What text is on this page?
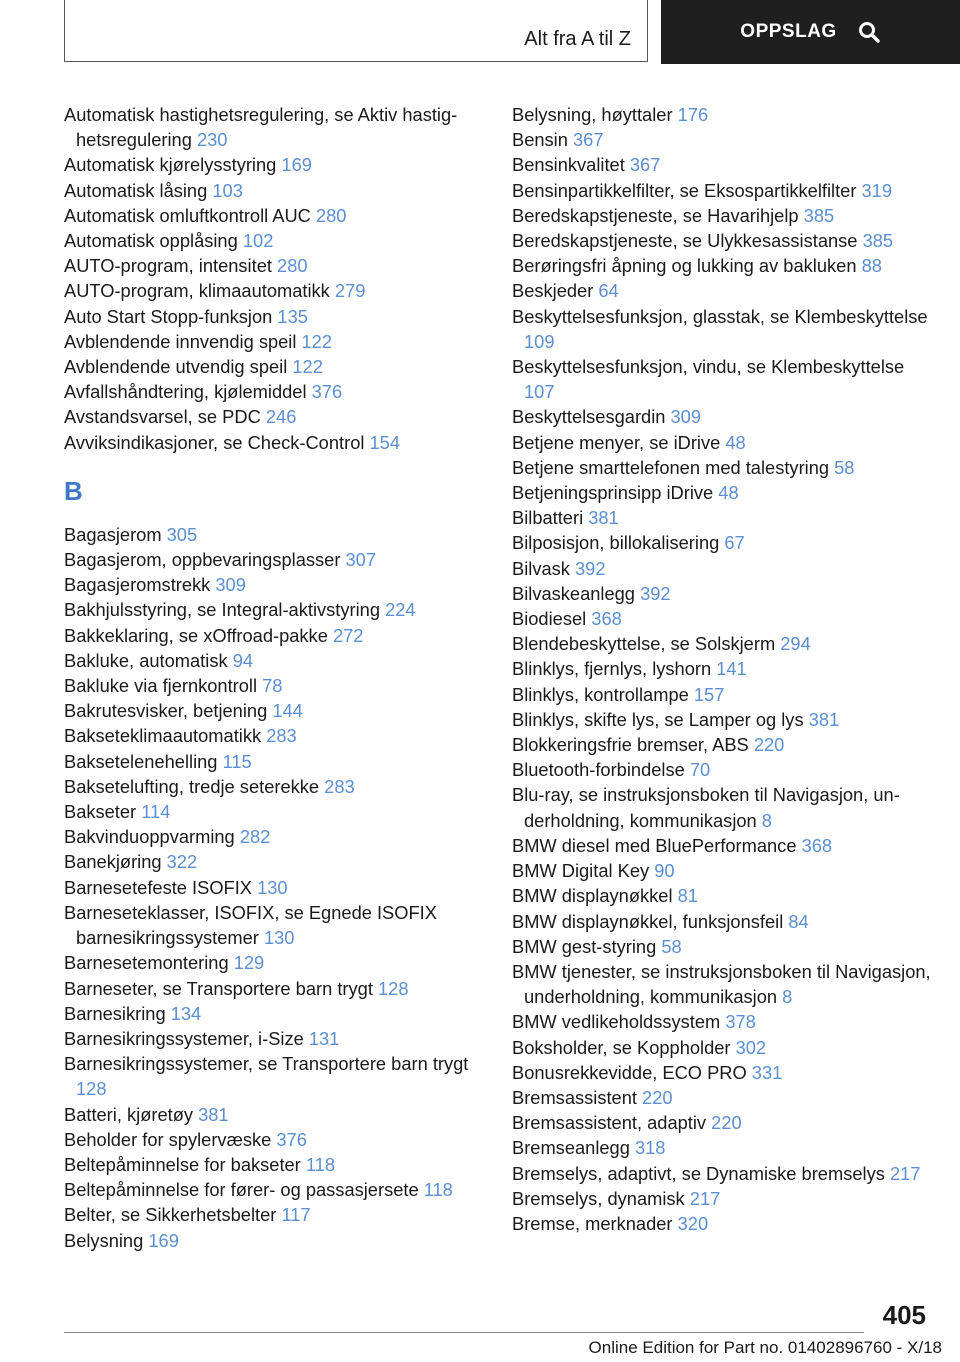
Alt fra A til Z	OPPSLAG

Automatisk hastighetsregulering, se Aktiv hastighetsregulering 230

Automatisk kjørelysstyring 169

Automatisk låsing 103

Automatisk omluftkontroll AUC 280

Automatisk opplåsing 102

AUTO-program, intensitet 280

AUTO-program, klimaautomatikk 279

Auto Start Stopp-funksjon 135

Avblendende innvendig speil 122

Avblendende utvendig speil 122

Avfallshåndtering, kjølemiddel 376

Avstandsvarsel, se PDC 246

Avviksindikasjoner, se Check-Control 154

B

Bagasjerom 305

Bagasjerom, oppbevaringsplasser 307

Bagasjeromstrekk 309

Bakhjulsstyring, se Integral-aktivstyring 224

Bakkeklaring, se xOffroad-pakke 272

Bakluke, automatisk 94

Bakluke via fjernkontroll 78

Bakrutesvisker, betjening 144

Bakseteklimaautomatikk 283

Baksetelenehelling 115

Baksetelufting, tredje seterekke 283

Bakseter 114

Bakvinduoppvarming 282

Banekjøring 322

Barnesetefeste ISOFIX 130

Barneseteklasser, ISOFIX, se Egnede ISOFIX barnesikringssystemer 130

Barnesetemontering 129

Barneseter, se Transportere barn trygt 128

Barnesikring 134

Barnesikringssystemer, i-Size 131

Barnesikringssystemer, se Transportere barn trygt 128

Batteri, kjøretøy 381

Beholder for spylervæske 376

Beltepåminnelse for bakseter 118

Beltepåminnelse for fører- og passasjersete 118

Belter, se Sikkerhetsbelter 117

Belysning 169

Belysning, høyttaler 176

Bensin 367

Bensinkvalitet 367

Bensinpartikkelfilter, se Eksospartikkelfilter 319

Beredskapstjeneste, se Havarihjelp 385

Beredskapstjeneste, se Ulykkesassistanse 385

Berøringsfri åpning og lukking av bakluken 88

Beskjeder 64

Beskyttelsesfunksjon, glasstak, se Klembeskyttelse 109

Beskyttelsesfunksjon, vindu, se Klembeskyttelse 107

Beskyttelsesgardin 309

Betjene menyer, se iDrive 48

Betjene smarttelefonen med talestyring 58

Betjeningsprinsipp iDrive 48

Bilbatteri 381

Bilposisjon, billokalisering 67

Bilvask 392

Bilvaskeanlegg 392

Biodiesel 368

Blendebeskyttelse, se Solskjerm 294

Blinklys, fjernlys, lyshorn 141

Blinklys, kontrollampe 157

Blinklys, skifte lys, se Lamper og lys 381

Blokkeringsfrie bremser, ABS 220

Bluetooth-forbindelse 70

Blu-ray, se instruksjonsboken til Navigasjon, underholdning, kommunikasjon 8

BMW diesel med BluePerformance 368

BMW Digital Key 90

BMW displaynøkkel 81

BMW displaynøkkel, funksjonsfeil 84

BMW gest-styring 58

BMW tjenester, se instruksjonsboken til Navigasjon, underholdning, kommunikasjon 8

BMW vedlikeholdssystem 378

Boksholder, se Koppholder 302

Bonusrekkevidde, ECO PRO 331

Bremsassistent 220

Bremsassistent, adaptiv 220

Bremseanlegg 318

Bremselys, adaptivt, se Dynamiske bremselys 217

Bremselys, dynamisk 217

Bremse, merknader 320

405
Online Edition for Part no. 01402896760 - X/18
